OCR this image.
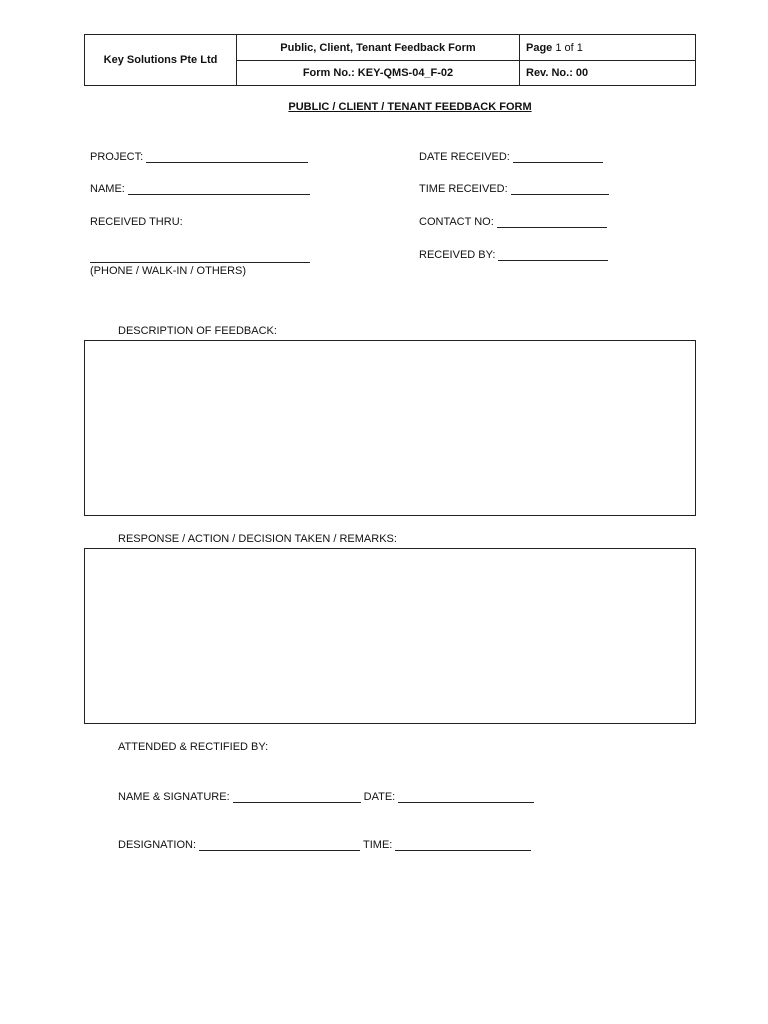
Key Solutions Pte Ltd
Public, Client, Tenant Feedback Form
Form No.: KEY-QMS-04_F-02
Page
1 of 1
Rev. No.: 00
PUBLIC / CLIENT / TENANT FEEDBACK FORM
PROJECT:
NAME:
RECEIVED THRU:
(PHONE / WALK-IN / OTHERS)
DATE RECEIVED:
TIME RECEIVED:
CONTACT NO:
RECEIVED BY:
DESCRIPTION OF FEEDBACK:
RESPONSE / ACTION / DECISION TAKEN / REMARKS:
ATTENDED & RECTIFIED BY:
NAME & SIGNATURE:	DATE:
DESIGNATION:	TIME:
